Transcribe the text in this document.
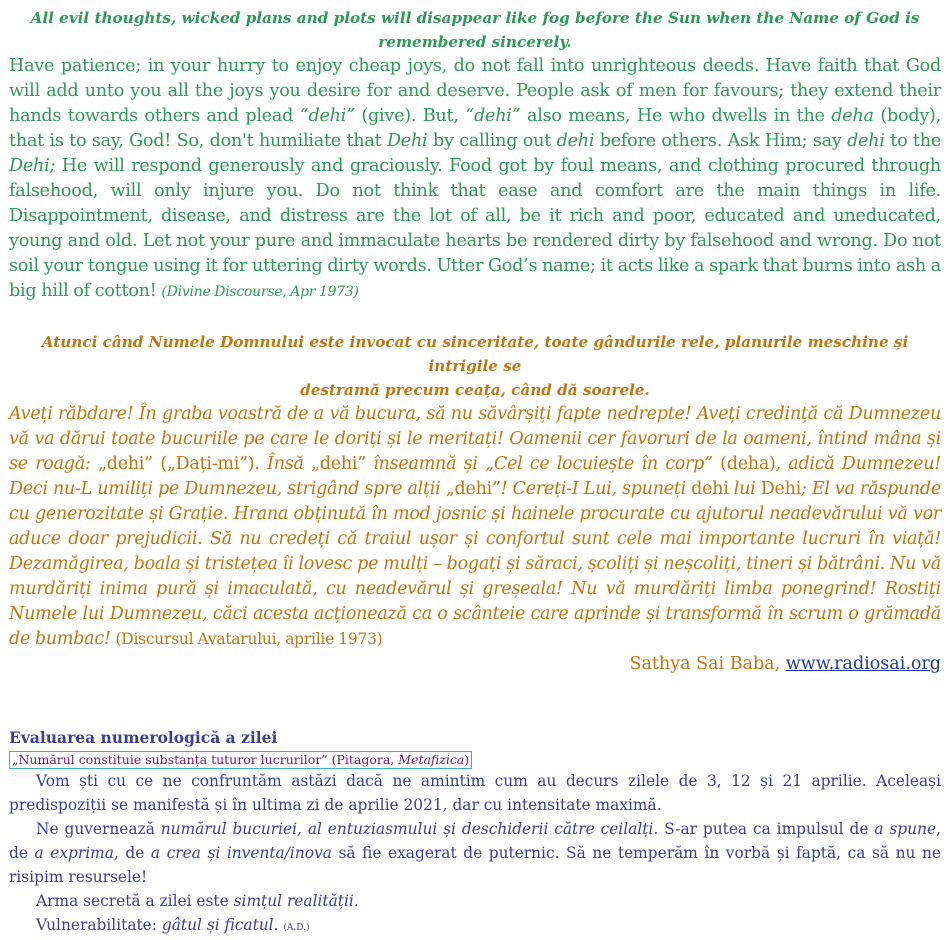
All evil thoughts, wicked plans and plots will disappear like fog before the Sun when the Name of God is
remembered sincerely.
Have patience; in your hurry to enjoy cheap joys, do not fall into unrighteous deeds. Have faith that God will add unto you all the joys you desire for and deserve. People ask of men for favours; they extend their hands towards others and plead “dehi” (give). But, “dehi” also means, He who dwells in the deha (body), that is to say, God! So, don't humiliate that Dehi by calling out dehi before others. Ask Him; say dehi to the Dehi; He will respond generously and graciously. Food got by foul means, and clothing procured through falsehood, will only injure you. Do not think that ease and comfort are the main things in life. Disappointment, disease, and distress are the lot of all, be it rich and poor, educated and uneducated, young and old. Let not your pure and immaculate hearts be rendered dirty by falsehood and wrong. Do not soil your tongue using it for uttering dirty words. Utter God’s name; it acts like a spark that burns into ash a big hill of cotton! (Divine Discourse, Apr 1973)
Atunci când Numele Domnului este invocat cu sinceritate, toate gândurile rele, planurile meschine și intrigile se
destramă precum ceața, când dă soarele.
Aveți răbdare! În graba voastră de a vă bucura, să nu săvârșiți fapte nedrepte! Aveți credință că Dumnezeu vă va dărui toate bucuriile pe care le doriți și le meritați! Oamenii cer favoruri de la oameni, întind mâna și se roagă: „dehi” („Dați-mi”). Însă „dehi” înseamnă și „Cel ce locuiește în corp” (deha), adică Dumnezeu! Deci nu-L umiliți pe Dumnezeu, strigând spre alții „dehi”! Cereți-I Lui, spuneți dehi lui Dehi; El va răspunde cu generozitate și Grație. Hrana obținută în mod josnic și hainele procurate cu ajutorul neadevărului vă vor aduce doar prejudicii. Să nu credeți că traiul ușor și confortul sunt cele mai importante lucruri în viață! Dezamăgirea, boala și tristețea îi lovesc pe mulți – bogați și săraci, școliți și neșcoliți, tineri și bătrâni. Nu vă murdăriți inima pură și imaculată, cu neadevărul și greșeala! Nu vă murdăriți limba ponegrind! Rostiți Numele lui Dumnezeu, căci acesta acționează ca o scânteie care aprinde și transformă în scrum o grămadă de bumbac! (Discursul Avatarului, aprilie 1973)
Sathya Sai Baba, www.radiosai.org
Evaluarea numerologică a zilei
„Numărul constituie substanța tuturor lucrurilor” (Pitagora, Metafizica)

Vom ști cu ce ne confruntăm astăzi dacă ne amintim cum au decurs zilele de 3, 12 și 21 aprilie. Aceleași predispoziții se manifestă și în ultima zi de aprilie 2021, dar cu intensitate maximă.

Ne guvernează numărul bucuriei, al entuziasmului și deschiderii către ceilalți. S-ar putea ca impulsul de a spune, de a exprima, de a crea și inventa/inova să fie exagerat de puternic. Să ne temperăm în vorbă și faptă, ca să nu ne risipim resursele!

Arma secretă a zilei este simțul realității.

Vulnerabilitate: gâtul și ficatul. (A.D.)
